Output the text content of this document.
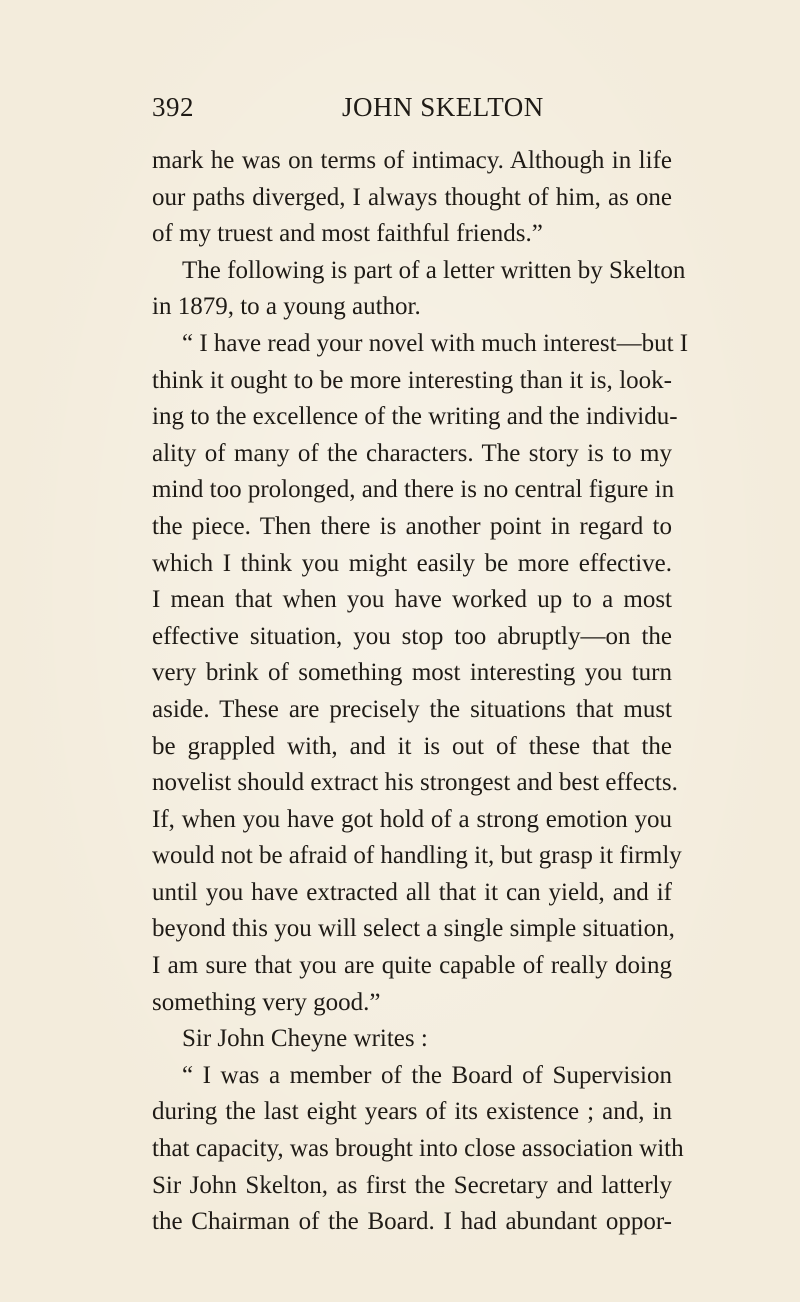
392	JOHN SKELTON
mark he was on terms of intimacy. Although in life
our paths diverged, I always thought of him, as one
of my truest and most faithful friends.”
The following is part of a letter written by Skelton
in 1879, to a young author.
“ I have read your novel with much interest—but I
think it ought to be more interesting than it is, look-
ing to the excellence of the writing and the individu-
ality of many of the characters. The story is to my
mind too prolonged, and there is no central figure in
the piece. Then there is another point in regard to
which I think you might easily be more effective.
I mean that when you have worked up to a most
effective situation, you stop too abruptly—on the
very brink of something most interesting you turn
aside. These are precisely the situations that must
be grappled with, and it is out of these that the
novelist should extract his strongest and best effects.
If, when you have got hold of a strong emotion you
would not be afraid of handling it, but grasp it firmly
until you have extracted all that it can yield, and if
beyond this you will select a single simple situation,
I am sure that you are quite capable of really doing
something very good.”
Sir John Cheyne writes :
“ I was a member of the Board of Supervision
during the last eight years of its existence ; and, in
that capacity, was brought into close association with
Sir John Skelton, as first the Secretary and latterly
the Chairman of the Board. I had abundant oppor-
